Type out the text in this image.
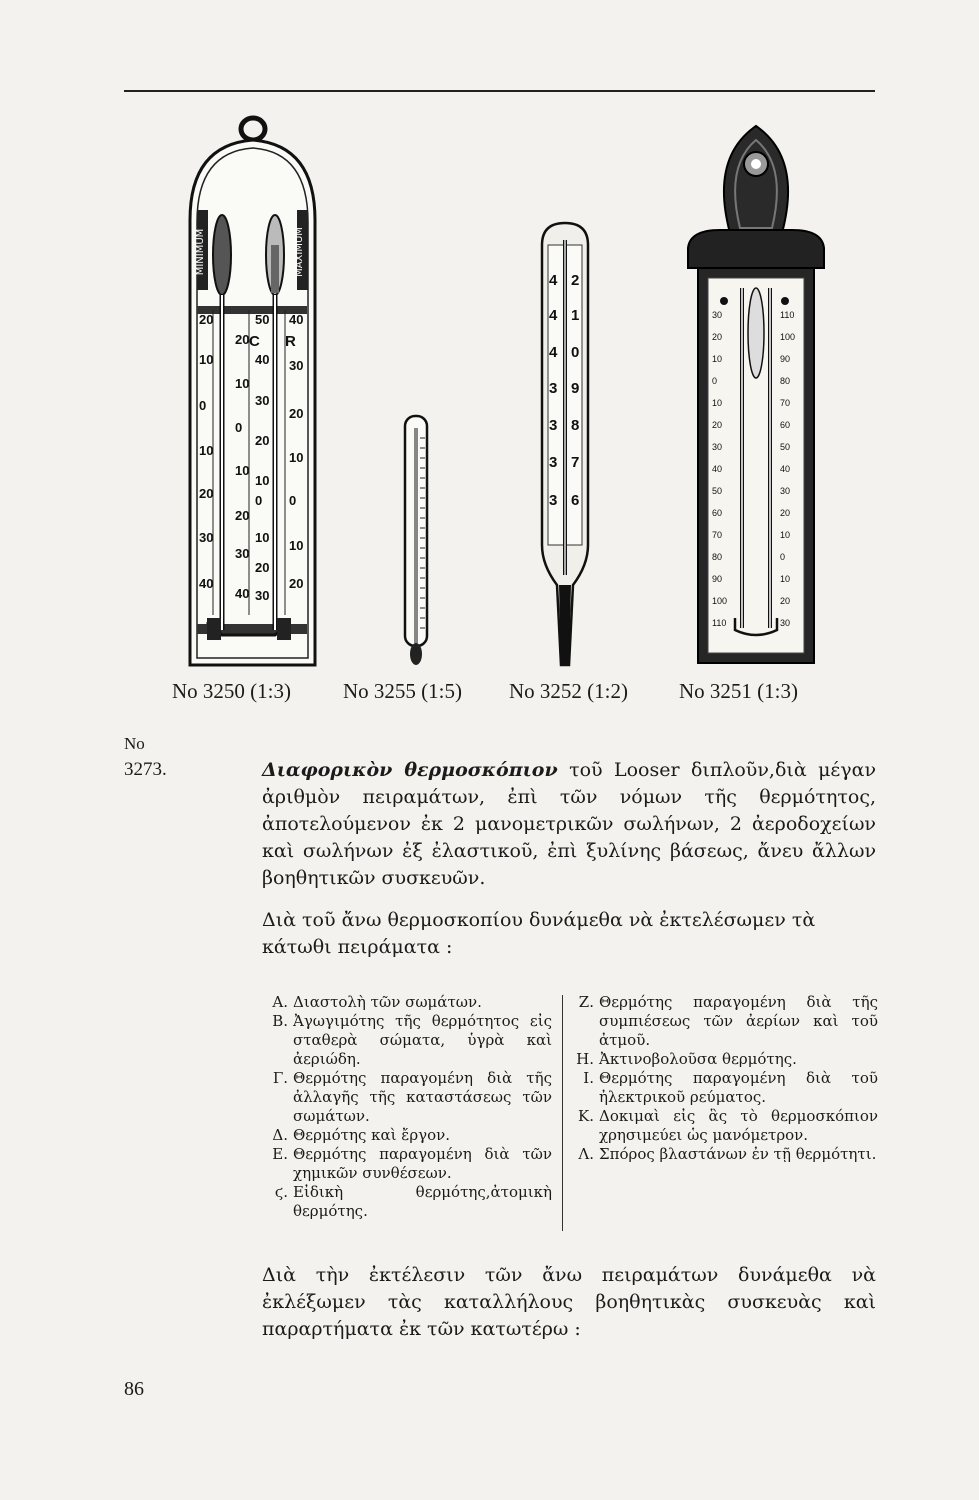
MINIMUM	MAXIMUM
20
10
0
10
20
30
40
20
10
0
10
20
30
40
50
40
30
20
10
0
10
20
30
40
30
20
10
0
10
20
C R
4
4
4
3
3
3
3
2
1
0
9
8
7
6
30
20
10
0
10
20
30
40
50
60
70
80
90
100
110
110
100
90
80
70
60
50
40
30
20
10
0
10
20
30
No 3250 (1:3) No 3255 (1:5) No 3252 (1:2) No 3251 (1:3)
No
3273.	Διαφορικὸν θερμοσκόπιον τοῦ Looser διπλοῦν,διὰ μέγαν ἀριθμὸν πειραμάτων, ἐπὶ τῶν νόμων τῆς θερμότητος, ἀποτελούμενον ἐκ 2 μανομετρικῶν σωλήνων, 2 ἀεροδοχείων καὶ σωλήνων ἐξ ἐλαστικοῦ, ἐπὶ ξυλίνης βάσεως, ἄνευ ἄλλων βοηθητικῶν συσκευῶν.
Διὰ τοῦ ἄνω θερμοσκοπίου δυνάμεθα νὰ ἐκτελέσωμεν τὰ κάτωθι πειράματα :
Α. Διαστολὴ τῶν σωμάτων.
Β. Ἀγωγιμότης τῆς θερμότητος εἰς σταθερὰ σώματα, ὑγρὰ καὶ ἀεριώδη.
Γ. Θερμότης παραγομένη διὰ τῆς ἀλλαγῆς τῆς καταστάσεως τῶν σωμάτων.
Δ. Θερμότης καὶ ἔργον.
Ε. Θερμότης παραγομένη διὰ τῶν χημικῶν συνθέσεων.
ϛ. Εἰδικὴ θερμότης,ἀτομικὴ θερμότης.
Ζ. Θερμότης παραγομένη διὰ τῆς συμπιέσεως τῶν ἀερίων καὶ τοῦ ἀτμοῦ.
Η. Ἀκτινοβολοῦσα θερμότης.
Ι. Θερμότης παραγομένη διὰ τοῦ ἠλεκτρικοῦ ρεύματος.
Κ. Δοκιμαὶ εἰς ἃς τὸ θερμοσκόπιον χρησιμεύει ὡς μανόμετρον.
Λ. Σπόρος βλαστάνων ἐν τῇ θερμότητι.
Διὰ τὴν ἐκτέλεσιν τῶν ἄνω πειραμάτων δυνάμεθα νὰ ἐκλέξωμεν τὰς καταλλήλους βοηθητικὰς συσκευὰς καὶ παραρτήματα ἐκ τῶν κατωτέρω :
86
